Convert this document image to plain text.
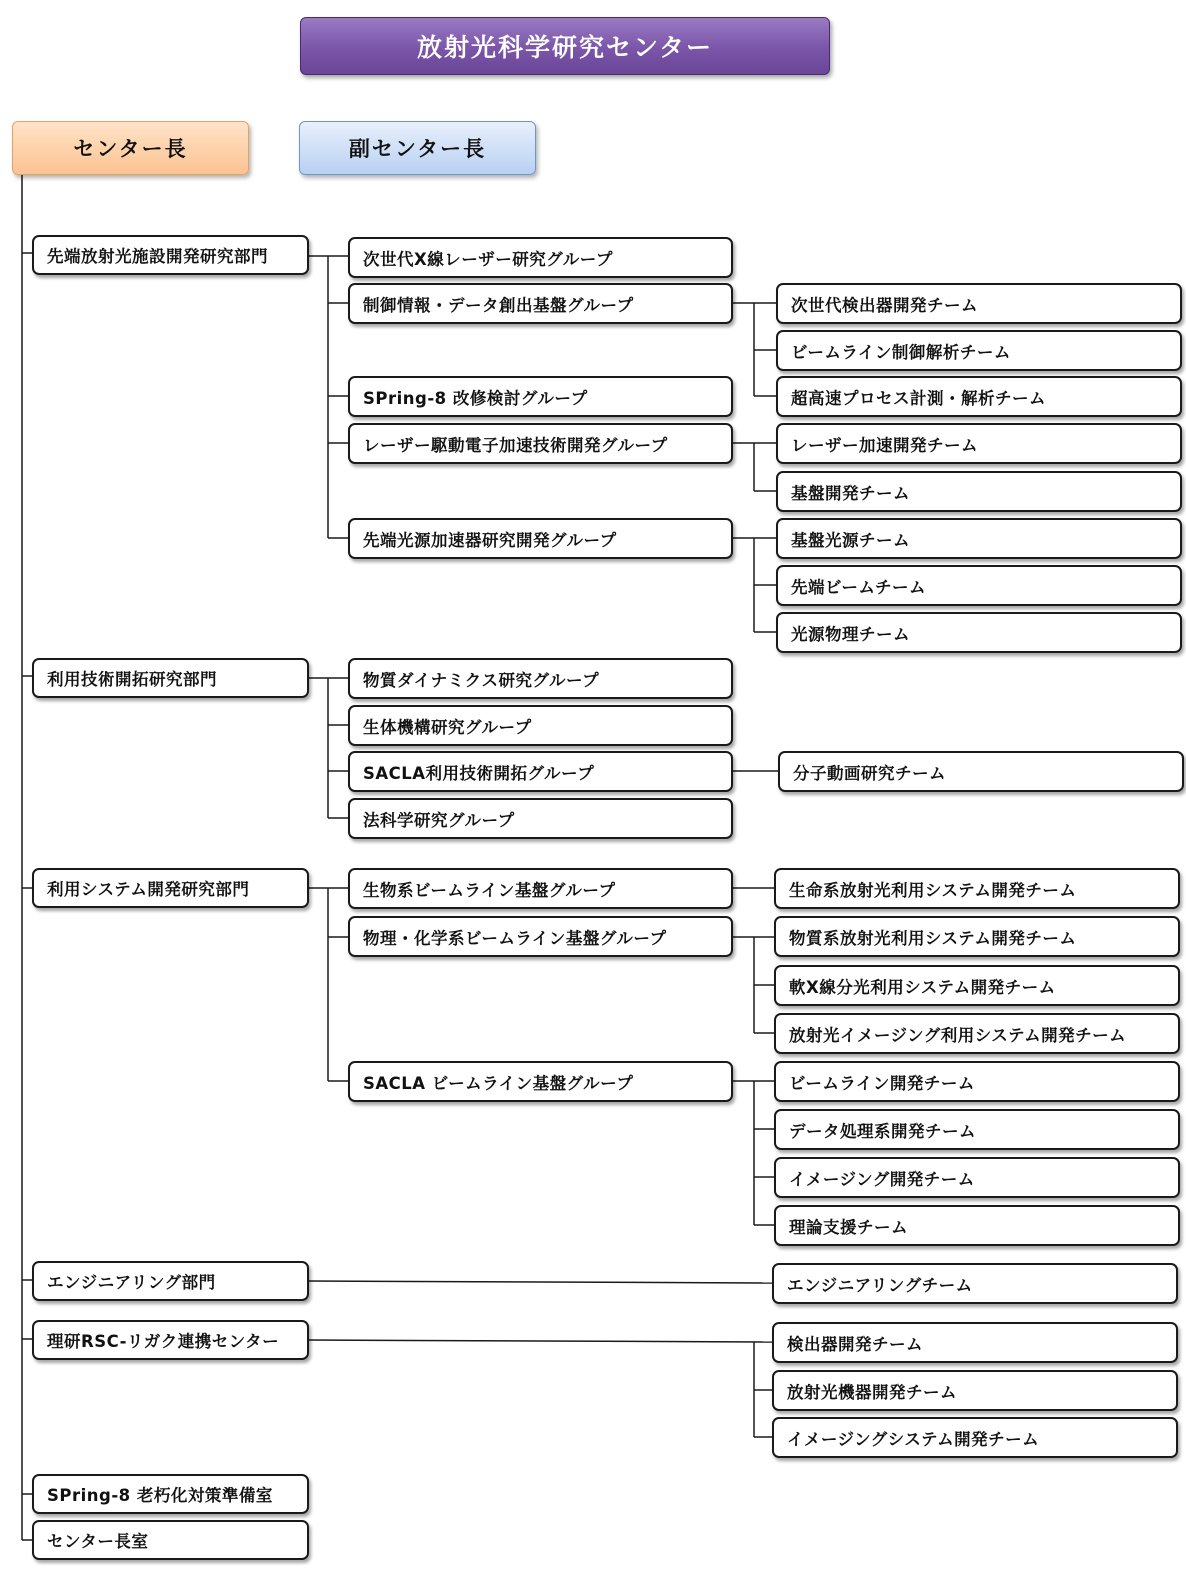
放射光科学研究センター
センター長	副センター長
先端放射光施設開発研究部門	次世代X線レーザー研究グループ
制御情報・データ創出基盤グループ
SPring-8 改修検討グループ
レーザー駆動電子加速技術開発グループ
先端光源加速器研究開発グループ
次世代検出器開発チーム
ビームライン制御解析チーム
超高速プロセス計測・解析チーム
レーザー加速開発チーム
基盤開発チーム
基盤光源チーム
先端ビームチーム
光源物理チーム
利用技術開拓研究部門	物質ダイナミクス研究グループ
生体機構研究グループ
SACLA利用技術開拓グループ
法科学研究グループ
分子動画研究チーム
利用システム開発研究部門	生物系ビームライン基盤グループ
物理・化学系ビームライン基盤グループ
SACLA ビームライン基盤グループ
生命系放射光利用システム開発チーム
物質系放射光利用システム開発チーム
軟X線分光利用システム開発チーム
放射光イメージング利用システム開発チーム
ビームライン開発チーム
データ処理系開発チーム
イメージング開発チーム
理論支援チーム
エンジニアリング部門	エンジニアリングチーム
理研RSC-リガク連携センター	検出器開発チーム
放射光機器開発チーム
イメージングシステム開発チーム
SPring-8 老朽化対策準備室
センター長室
